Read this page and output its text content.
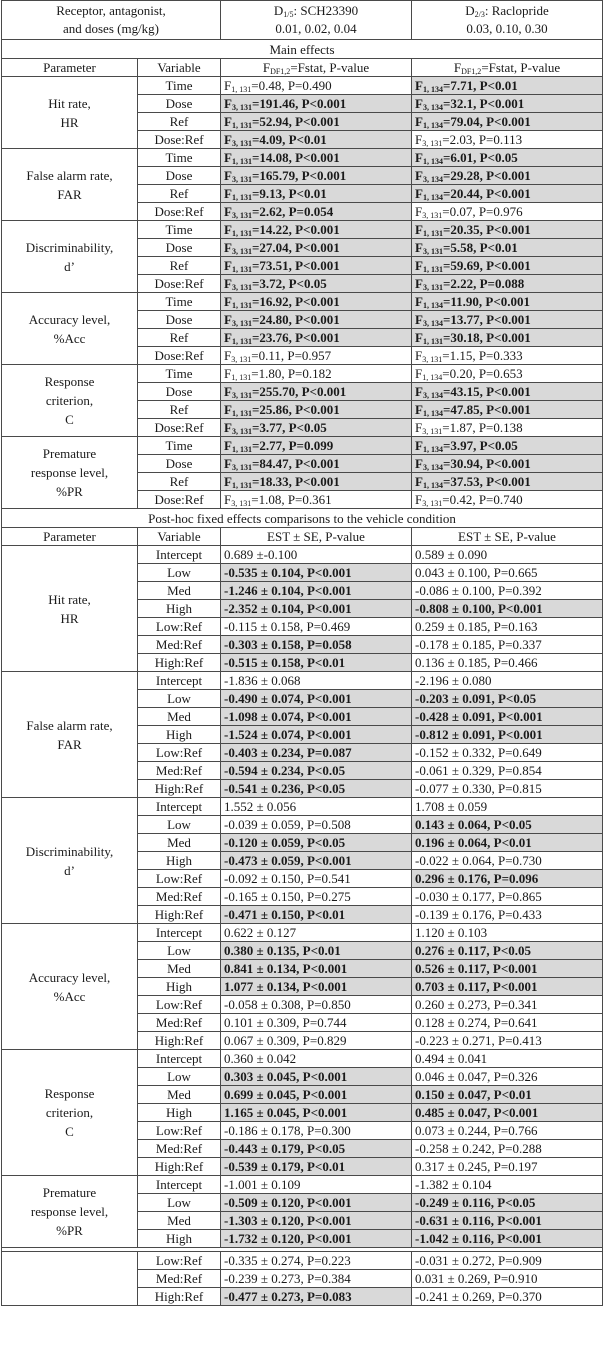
Receptor, antagonist,
and doses (mg/kg)		$D_{1/5}$: SCH23390
0.01, 0.02, 0.04	$D_{2/3}$: Raclopride
0.03, 0.10, 0.30

Main effects			
Parameter	Variable	$F_{DF1,2}=Fstat$, P-value	$F_{DF1,2}=Fstat$, P-value

Hit rate,
HR	Time	$F_{1, 131}=0.48$, P=0.490	$F_{1, 134}=7.71$, P<0.01
	Dose	$F_{3, 131}=191.46$, P<0.001	$F_{3, 134}=32.1$, P<0.001
	Ref	$F_{1, 131}=52.94$, P<0.001	$F_{1, 134}=79.04$, P<0.001
	Dose:Ref	$F_{3, 131}=4.09$, P<0.01	$F_{3, 131}=2.03$, P=0.113

False alarm rate,
FAR	Time	$F_{1, 131}=14.08$, P<0.001	$F_{1, 134}=6.01$, P<0.05
	Dose	$F_{3, 131}=165.79$, P<0.001	$F_{3, 134}=29.28$, P<0.001
	Ref	$F_{1, 131}=9.13$, P<0.01	$F_{1, 134}=20.44$, P<0.001
	Dose:Ref	$F_{3, 131}=2.62$, P=0.054	$F_{3, 131}=0.07$, P=0.976

Discriminability,
d’	Time	$F_{1, 131}=14.22$, P<0.001	$F_{1, 131}=20.35$, P<0.001
	Dose	$F_{3, 131}=27.04$, P<0.001	$F_{3, 131}=5.58$, P<0.01
	Ref	$F_{1, 131}=73.51$, P<0.001	$F_{1, 131}=59.69$, P<0.001
	Dose:Ref	$F_{3, 131}=3.72$, P<0.05	$F_{3, 131}=2.22$, P=0.088

Accuracy level,
%Acc	Time	$F_{1, 131}=16.92$, P<0.001	$F_{1, 134}=11.90$, P<0.001
	Dose	$F_{3, 131}=24.80$, P<0.001	$F_{3, 134}=13.77$, P<0.001
	Ref	$F_{1, 131}=23.76$, P<0.001	$F_{1, 131}=30.18$, P<0.001
	Dose:Ref	$F_{3, 131}=0.11$, P=0.957	$F_{3, 131}=1.15$, P=0.333

Response
criterion,
C	Time	$F_{1, 131}=1.80$, P=0.182	$F_{1, 134}=0.20$, P=0.653
	Dose	$F_{3, 131}=255.70$, P<0.001	$F_{3, 134}=43.15$, P<0.001
	Ref	$F_{1, 131}=25.86$, P<0.001	$F_{1, 134}=47.85$, P<0.001
	Dose:Ref	$F_{3, 131}=3.77$, P<0.05	$F_{3, 131}=1.87$, P=0.138

Premature
response level,
%PR	Time	$F_{1, 131}=2.77$, P=0.099	$F_{1, 134}=3.97$, P<0.05
	Dose	$F_{3, 131}=84.47$, P<0.001	$F_{3, 134}=30.94$, P<0.001
	Ref	$F_{1, 131}=18.33$, P<0.001	$F_{1, 134}=37.53$, P<0.001
	Dose:Ref	$F_{3, 131}=1.08$, P=0.361	$F_{3, 131}=0.42$, P=0.740
Post-hoc fixed effects comparisons to the vehicle condition			
Parameter	Variable	EST ± SE, P-value	EST ± SE, P-value

Hit rate,
HR	Intercept	0.689 ±-0.100	0.589 ± 0.090
	Low	-0.535 ± 0.104, P<0.001	0.043 ± 0.100, P=0.665
	Med	-1.246 ± 0.104, P<0.001	-0.086 ± 0.100, P=0.392
	High	-2.352 ± 0.104, P<0.001	-0.808 ± 0.100, P<0.001
	Low:Ref	-0.115 ± 0.158, P=0.469	0.259 ± 0.185, P=0.163
	Med:Ref	-0.303 ± 0.158, P=0.058	-0.178 ± 0.185, P=0.337
	High:Ref	-0.515 ± 0.158, P<0.01	0.136 ± 0.185, P=0.466

False alarm rate,
FAR	Intercept	-1.836 ± 0.068	-2.196 ± 0.080
	Low	-0.490 ± 0.074, P<0.001	-0.203 ± 0.091, P<0.05
	Med	-1.098 ± 0.074, P<0.001	-0.428 ± 0.091, P<0.001
	High	-1.524 ± 0.074, P<0.001	-0.812 ± 0.091, P<0.001
	Low:Ref	-0.403 ± 0.234, P=0.087	-0.152 ± 0.332, P=0.649
	Med:Ref	-0.594 ± 0.234, P<0.05	-0.061 ± 0.329, P=0.854
	High:Ref	-0.541 ± 0.236, P<0.05	-0.077 ± 0.330, P=0.815

Discriminability,
d’	Intercept	1.552 ± 0.056	1.708 ± 0.059
	Low	-0.039 ± 0.059, P=0.508	0.143 ± 0.064, P<0.05
	Med	-0.120 ± 0.059, P<0.05	0.196 ± 0.064, P<0.01
	High	-0.473 ± 0.059, P<0.001	-0.022 ± 0.064, P=0.730
	Low:Ref	-0.092 ± 0.150, P=0.541	0.296 ± 0.176, P=0.096
	Med:Ref	-0.165 ± 0.150, P=0.275	-0.030 ± 0.177, P=0.865
	High:Ref	-0.471 ± 0.150, P<0.01	-0.139 ± 0.176, P=0.433

Accuracy level,
%Acc	Intercept	0.622 ± 0.127	1.120 ± 0.103
	Low	0.380 ± 0.135, P<0.01	0.276 ± 0.117, P<0.05
	Med	0.841 ± 0.134, P<0.001	0.526 ± 0.117, P<0.001
	High	1.077 ± 0.134, P<0.001	0.703 ± 0.117, P<0.001
	Low:Ref	-0.058 ± 0.308, P=0.850	0.260 ± 0.273, P=0.341
	Med:Ref	0.101 ± 0.309, P=0.744	0.128 ± 0.274, P=0.641
	High:Ref	0.067 ± 0.309, P=0.829	-0.223 ± 0.271, P=0.413

Response
criterion,
C	Intercept	0.360 ± 0.042	0.494 ± 0.041
	Low	0.303 ± 0.045, P<0.001	0.046 ± 0.047, P=0.326
	Med	0.699 ± 0.045, P<0.001	0.150 ± 0.047, P<0.01
	High	1.165 ± 0.045, P<0.001	0.485 ± 0.047, P<0.001
	Low:Ref	-0.186 ± 0.178, P=0.300	0.073 ± 0.244, P=0.766
	Med:Ref	-0.443 ± 0.179, P<0.05	-0.258 ± 0.242, P=0.288
	High:Ref	-0.539 ± 0.179, P<0.01	0.317 ± 0.245, P=0.197

Premature
response level,
%PR	Intercept	-1.001 ± 0.109	-1.382 ± 0.104
	Low	-0.509 ± 0.120, P<0.001	-0.249 ± 0.116, P<0.05
	Med	-1.303 ± 0.120, P<0.001	-0.631 ± 0.116, P<0.001
	High	-1.732 ± 0.120, P<0.001	-1.042 ± 0.116, P<0.001

	Low:Ref	-0.335 ± 0.274, P=0.223	-0.031 ± 0.272, P=0.909
	Med:Ref	-0.239 ± 0.273, P=0.384	0.031 ± 0.269, P=0.910
	High:Ref	-0.477 ± 0.273, P=0.083	-0.241 ± 0.269, P=0.370
